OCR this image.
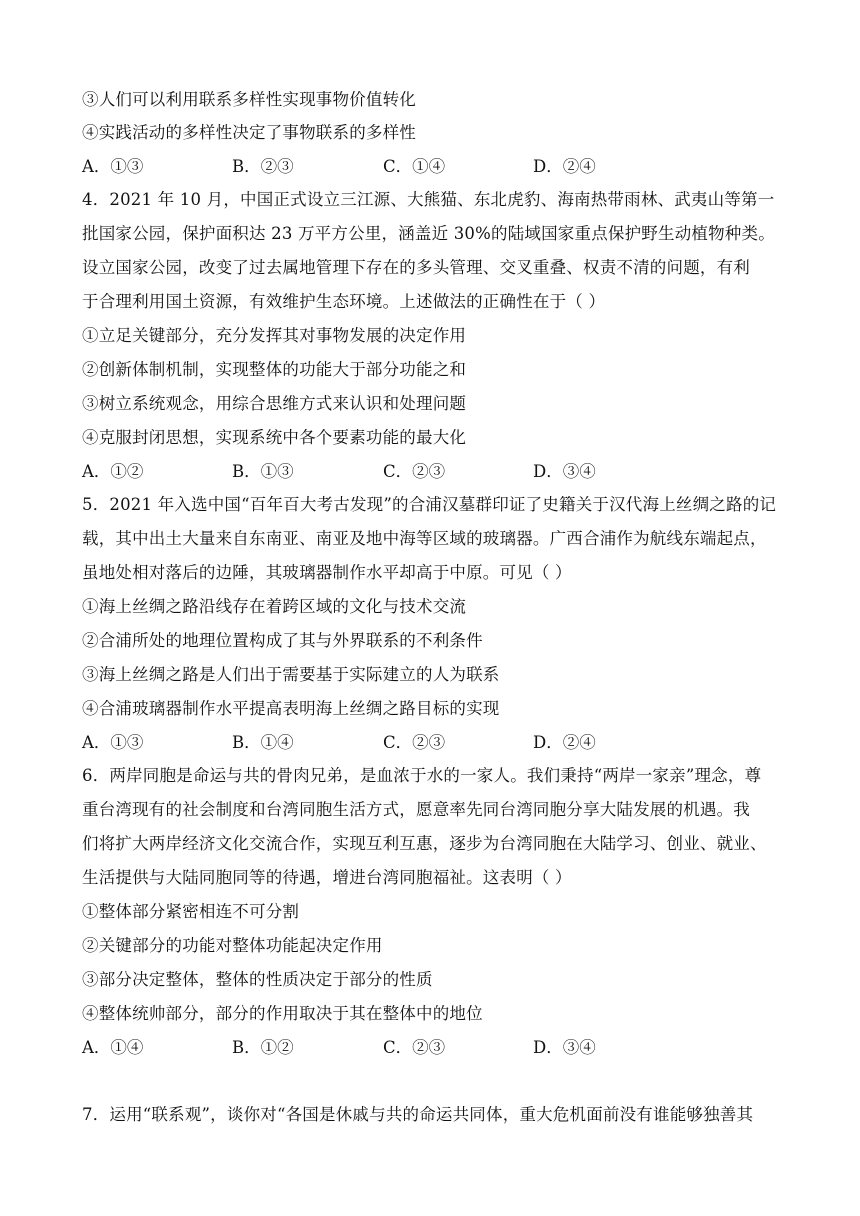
③人们可以利用联系多样性实现事物价值转化
④实践活动的多样性决定了事物联系的多样性
A．①③	B．②③	C．①④	D．②④
4．2021 年 10 月，中国正式设立三江源、大熊猫、东北虎豹、海南热带雨林、武夷山等第一
批国家公园，保护面积达 23 万平方公里，涵盖近 30%的陆域国家重点保护野生动植物种类。
设立国家公园，改变了过去属地管理下存在的多头管理、交叉重叠、权责不清的问题，有利
于合理利用国土资源，有效维护生态环境。上述做法的正确性在于（ ）
①立足关键部分，充分发挥其对事物发展的决定作用
②创新体制机制，实现整体的功能大于部分功能之和
③树立系统观念，用综合思维方式来认识和处理问题
④克服封闭思想，实现系统中各个要素功能的最大化
A．①②	B．①③	C．②③	D．③④
5．2021 年入选中国“百年百大考古发现”的合浦汉墓群印证了史籍关于汉代海上丝绸之路的记
载，其中出土大量来自东南亚、南亚及地中海等区域的玻璃器。广西合浦作为航线东端起点，
虽地处相对落后的边陲，其玻璃器制作水平却高于中原。可见（ ）
①海上丝绸之路沿线存在着跨区域的文化与技术交流
②合浦所处的地理位置构成了其与外界联系的不利条件
③海上丝绸之路是人们出于需要基于实际建立的人为联系
④合浦玻璃器制作水平提高表明海上丝绸之路目标的实现
A．①③	B．①④	C．②③	D．②④
6．两岸同胞是命运与共的骨肉兄弟，是血浓于水的一家人。我们秉持“两岸一家亲”理念，尊
重台湾现有的社会制度和台湾同胞生活方式，愿意率先同台湾同胞分享大陆发展的机遇。我
们将扩大两岸经济文化交流合作，实现互利互惠，逐步为台湾同胞在大陆学习、创业、就业、
生活提供与大陆同胞同等的待遇，增进台湾同胞福祉。这表明（ ）
①整体部分紧密相连不可分割
②关键部分的功能对整体功能起决定作用
③部分决定整体，整体的性质决定于部分的性质
④整体统帅部分，部分的作用取决于其在整体中的地位
A．①④	B．①②	C．②③	D．③④
7．运用“联系观”，谈你对“各国是休戚与共的命运共同体，重大危机面前没有谁能够独善其
